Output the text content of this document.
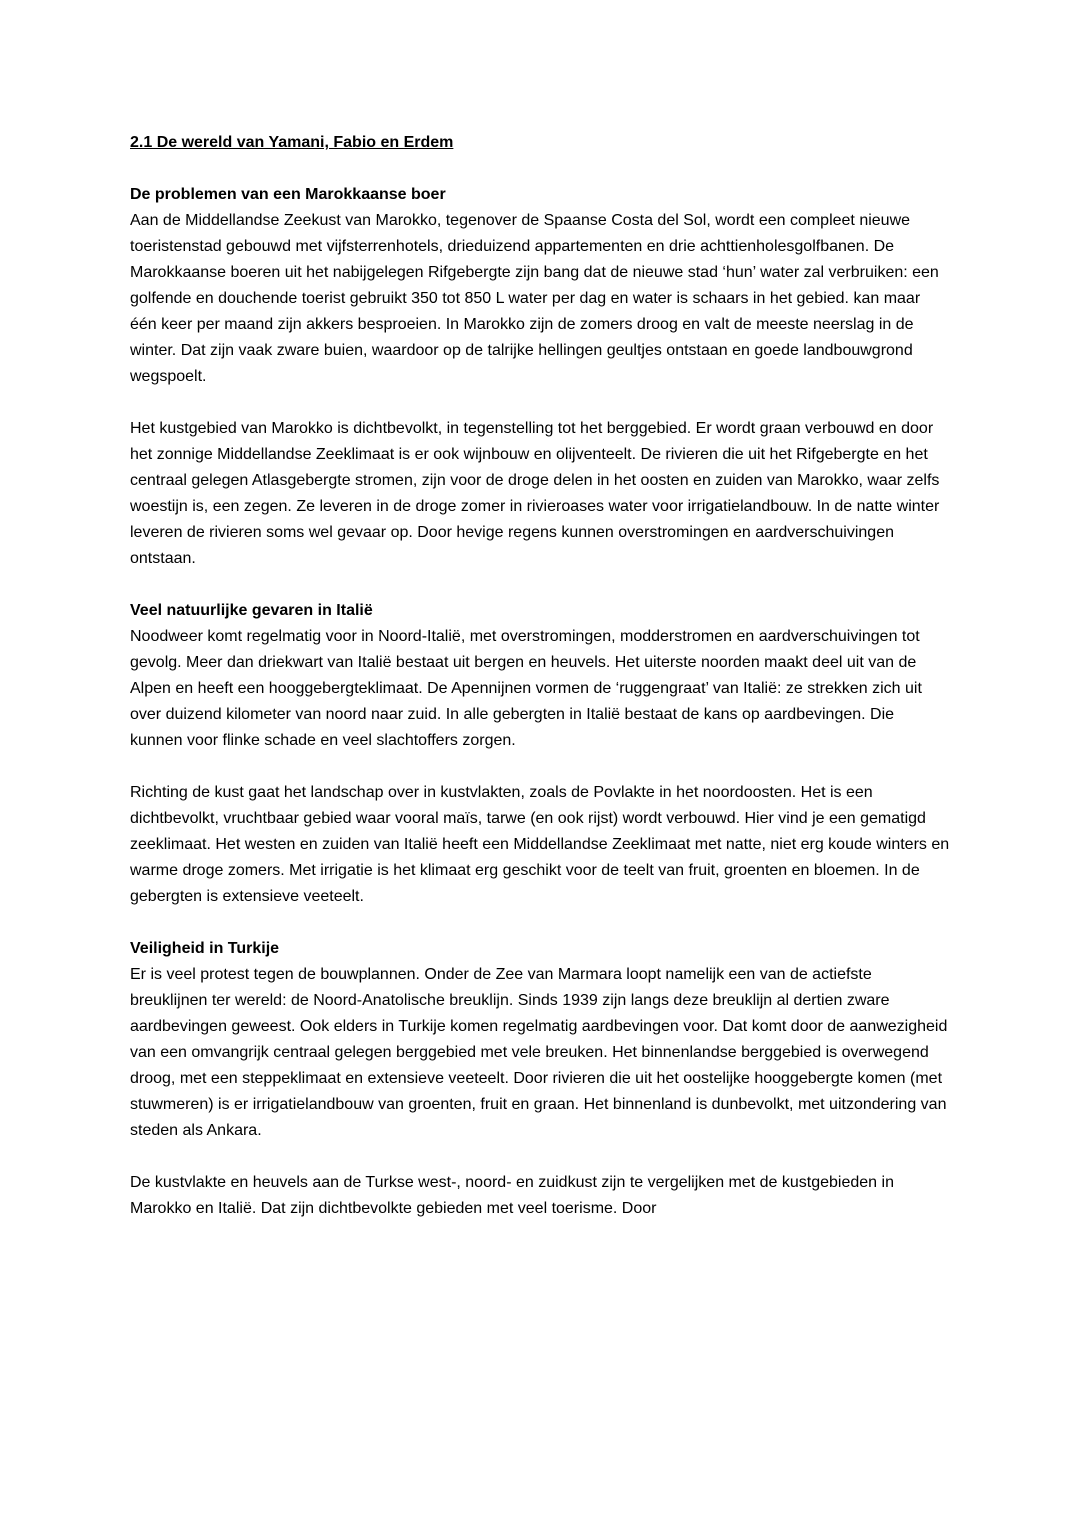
2.1 De wereld van Yamani, Fabio en Erdem
De problemen van een Marokkaanse boer

Aan de Middellandse Zeekust van Marokko, tegenover de Spaanse Costa del Sol, wordt een compleet nieuwe toeristenstad gebouwd met vijfsterrenhotels, drieduizend appartementen en drie achttienholesgolfbanen. De Marokkaanse boeren uit het nabijgelegen Rifgebergte zijn bang dat de nieuwe stad ‘hun’ water zal verbruiken: een golfende en douchende toerist gebruikt 350 tot 850 L water per dag en water is schaars in het gebied. kan maar één keer per maand zijn akkers besproeien. In Marokko zijn de zomers droog en valt de meeste neerslag in de winter. Dat zijn vaak zware buien, waardoor op de talrijke hellingen geultjes ontstaan en goede landbouwgrond wegspoelt.

Het kustgebied van Marokko is dichtbevolkt, in tegenstelling tot het berggebied. Er wordt graan verbouwd en door het zonnige Middellandse Zeeklimaat is er ook wijnbouw en olijventeelt. De rivieren die uit het Rifgebergte en het centraal gelegen Atlasgebergte stromen, zijn voor de droge delen in het oosten en zuiden van Marokko, waar zelfs woestijn is, een zegen. Ze leveren in de droge zomer in rivieroases water voor irrigatielandbouw. In de natte winter leveren de rivieren soms wel gevaar op. Door hevige regens kunnen overstromingen en aardverschuivingen ontstaan.

Veel natuurlijke gevaren in Italië

Noodweer komt regelmatig voor in Noord-Italië, met overstromingen, modderstromen en aardverschuivingen tot gevolg. Meer dan driekwart van Italië bestaat uit bergen en heuvels. Het uiterste noorden maakt deel uit van de Alpen en heeft een hooggebergteklimaat. De Apennijnen vormen de ‘ruggengraat’ van Italië: ze strekken zich uit over duizend kilometer van noord naar zuid. In alle gebergten in Italië bestaat de kans op aardbevingen. Die kunnen voor flinke schade en veel slachtoffers zorgen.

Richting de kust gaat het landschap over in kustvlakten, zoals de Povlakte in het noordoosten. Het is een dichtbevolkt, vruchtbaar gebied waar vooral maïs, tarwe (en ook rijst) wordt verbouwd. Hier vind je een gematigd zeeklimaat. Het westen en zuiden van Italië heeft een Middellandse Zeeklimaat met natte, niet erg koude winters en warme droge zomers. Met irrigatie is het klimaat erg geschikt voor de teelt van fruit, groenten en bloemen. In de gebergten is extensieve veeteelt.

Veiligheid in Turkije

Er is veel protest tegen de bouwplannen. Onder de Zee van Marmara loopt namelijk een van de actiefste breuklijnen ter wereld: de Noord-Anatolische breuklijn. Sinds 1939 zijn langs deze breuklijn al dertien zware aardbevingen geweest. Ook elders in Turkije komen regelmatig aardbevingen voor. Dat komt door de aanwezigheid van een omvangrijk centraal gelegen berggebied met vele breuken. Het binnenlandse berggebied is overwegend droog, met een steppeklimaat en extensieve veeteelt. Door rivieren die uit het oostelijke hooggebergte komen (met stuwmeren) is er irrigatielandbouw van groenten, fruit en graan. Het binnenland is dunbevolkt, met uitzondering van steden als Ankara.

De kustvlakte en heuvels aan de Turkse west-, noord- en zuidkust zijn te vergelijken met de kustgebieden in Marokko en Italië. Dat zijn dichtbevolkte gebieden met veel toerisme. Door
